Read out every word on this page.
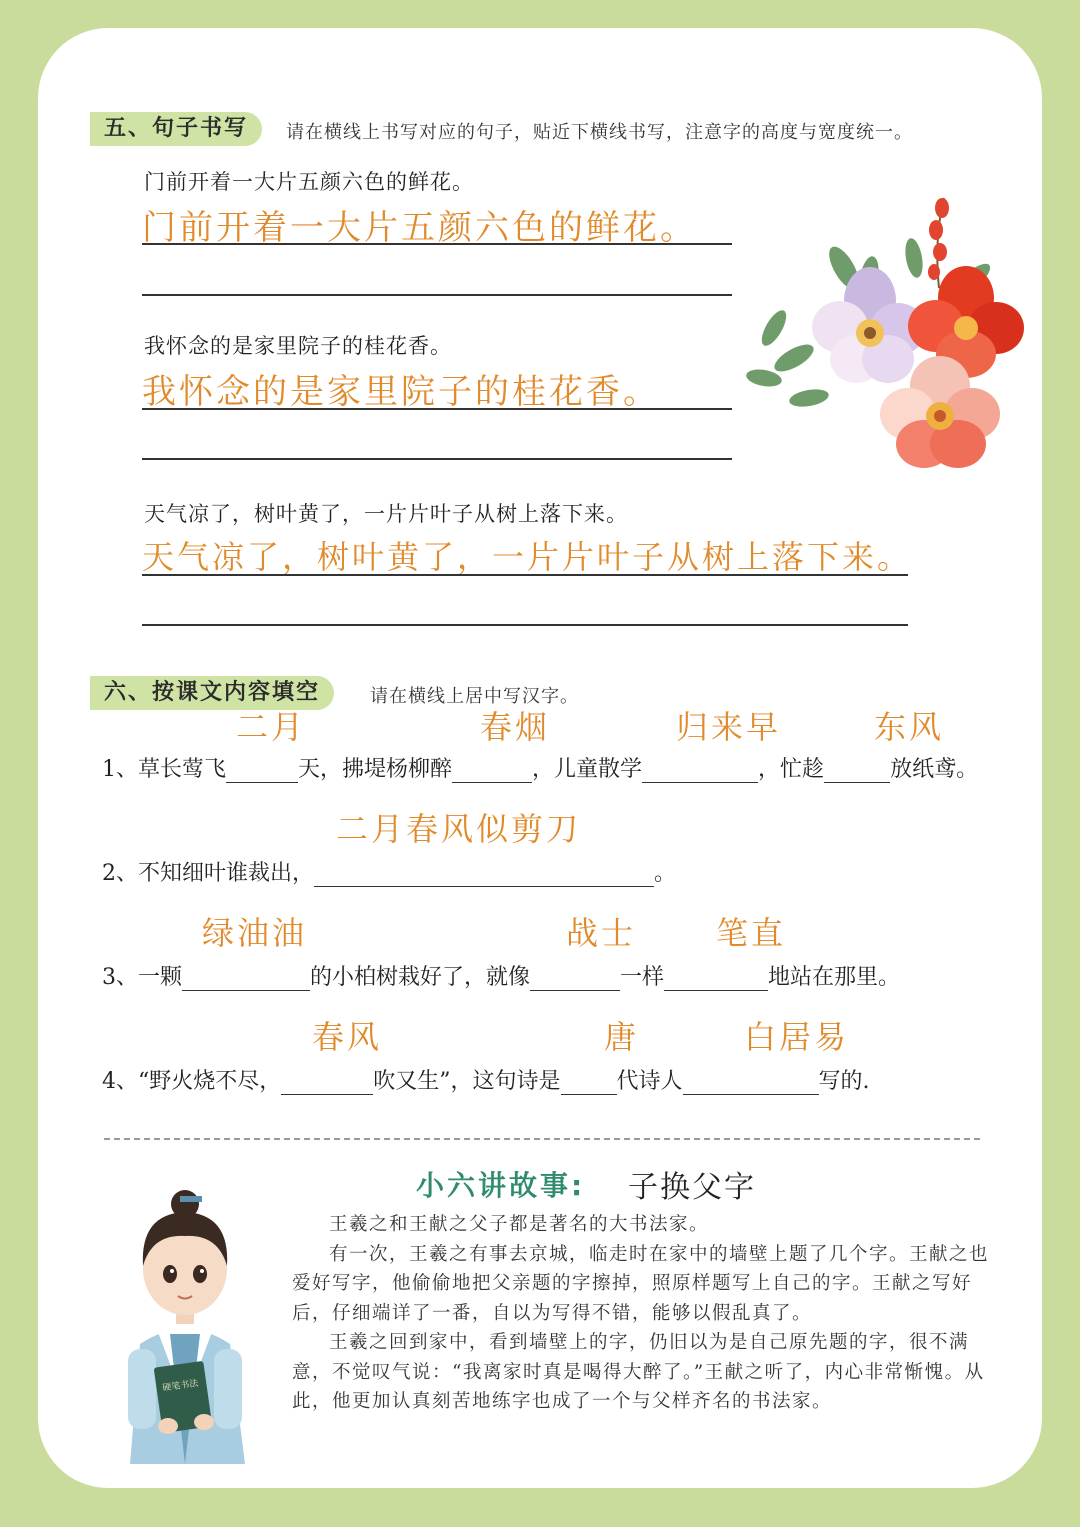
五、句子书写	请在横线上书写对应的句子，贴近下横线书写，注意字的高度与宽度统一。
门前开着一大片五颜六色的鲜花。
门前开着一大片五颜六色的鲜花。
我怀念的是家里院子的桂花香。
我怀念的是家里院子的桂花香。
天气凉了，树叶黄了，一片片叶子从树上落下来。
天气凉了，树叶黄了，一片片叶子从树上落下来。
六、按课文内容填空	请在横线上居中写汉字。
二月	春烟	归来早	东风
1、草长莺飞	天，拂堤杨柳醉	，儿童散学	，忙趁	放纸鸢。
二月春风似剪刀
2、不知细叶谁裁出，	。
绿油油	战士 笔直
3、一颗	的小柏树栽好了，就像	一样	地站在那里。
春风	唐	白居易
4、“野火烧不尽，	吹又生”，这句诗是	代诗人	写的.
小六讲故事: 子换父字
硬笔书法

王羲之和王献之父子都是著名的大书法家。

有一次，王羲之有事去京城，临走时在家中的墙壁上题了几个字。王献之也爱好写字，他偷偷地把父亲题的字擦掉，照原样题写上自己的字。王献之写好后，仔细端详了一番，自以为写得不错，能够以假乱真了。

王羲之回到家中，看到墙壁上的字，仍旧以为是自己原先题的字，很不满意，不觉叹气说：“我离家时真是喝得大醉了。”王献之听了，内心非常惭愧。从此，他更加认真刻苦地练字也成了一个与父样齐名的书法家。
